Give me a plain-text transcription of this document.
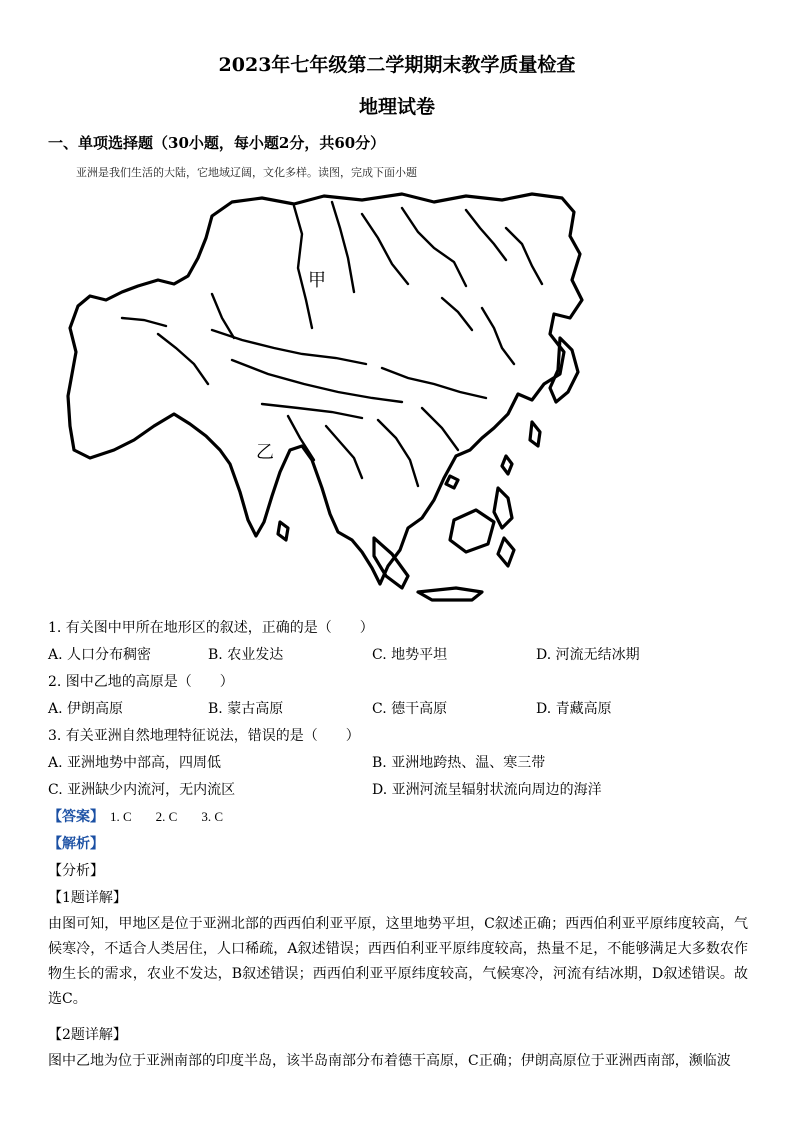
2023年七年级第二学期期末教学质量检查
地理试卷
一、单项选择题（30小题，每小题2分，共60分）
亚洲是我们生活的大陆，它地域辽阔，文化多样。读图，完成下面小题
甲
乙
1. 有关图中甲所在地形区的叙述，正确的是（　　）
A. 人口分布稠密	B. 农业发达	C. 地势平坦	D. 河流无结冰期
2. 图中乙地的高原是（　　）
A. 伊朗高原	B. 蒙古高原	C. 德干高原	D. 青藏高原
3. 有关亚洲自然地理特征说法，错误的是（　　）
A. 亚洲地势中部高，四周低	B. 亚洲地跨热、温、寒三带
C. 亚洲缺少内流河，无内流区	D. 亚洲河流呈辐射状流向周边的海洋
【答案】 1. C 2. C 3. C
【解析】
【分析】
【1题详解】
由图可知，甲地区是位于亚洲北部的西西伯利亚平原，这里地势平坦，C叙述正确；西西伯利亚平原纬度较高，气候寒冷，不适合人类居住，人口稀疏，A叙述错误；西西伯利亚平原纬度较高，热量不足，不能够满足大多数农作物生长的需求，农业不发达，B叙述错误；西西伯利亚平原纬度较高，气候寒冷，河流有结冰期，D叙述错误。故选C。
【2题详解】
图中乙地为位于亚洲南部的印度半岛，该半岛南部分布着德干高原，C正确；伊朗高原位于亚洲西南部，濒临波
